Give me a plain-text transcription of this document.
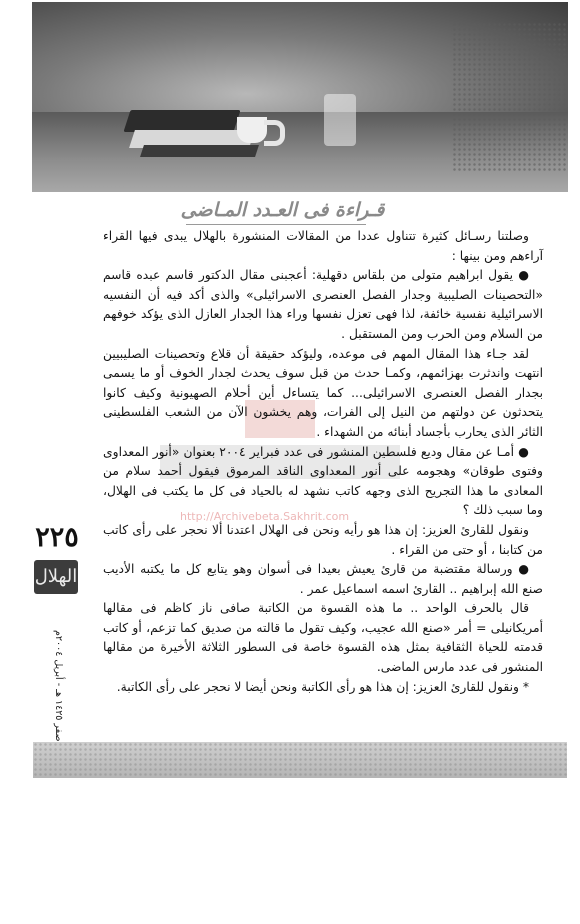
قـراءة فى العـدد المـاضى
http://Archivebeta.Sakhrit.com

وصلتنا رسـائل كثيرة تتناول عددا من المقالات المنشورة بالهلال يبدى فيها القراء آراءهم ومن بينها :

● يقول ابراهيم متولى من بلقاس دقهلية: أعجبنى مقال الدكتور قاسم عبده قاسم «التحصينات الصليبية وجدار الفصل العنصرى الاسرائيلى» والذى أكد فيه أن النفسيه الاسرائيلية نفسية خائفة، لذا فهى تعزل نفسها وراء هذا الجدار العازل الذى يؤكد خوفهم من السلام ومن الحرب ومن المستقبل .

لقد جـاء هذا المقال المهم فى موعده، وليؤكد حقيقة أن قلاع وتحصينات الصليبيين انتهت واندثرت بهزائمهم، وكمـا حدث من قبل سوف يحدث لجدار الخوف أو ما يسمى بجدار الفصل العنصرى الاسرائيلى... كما يتساءل أين أحلام الصهيونية وكيف كانوا يتحدثون عن دولتهم من النيل إلى الفرات، وهم يخشون الآن من الشعب الفلسطينى الثائر الذى يحارب بأجساد أبنائه من الشهداء .

● أمـا عن مقال وديع فلسطين المنشور فى عدد فبراير ٢٠٠٤ بعنوان «أنور المعداوى وفتوى طوقان» وهجومه على أنور المعداوى الناقد المرموق فيقول أحمد سلام من المعادى ما هذا التجريح الذى وجهه كاتب نشهد له بالحياد فى كل ما يكتب فى الهلال، وما سبب ذلك ؟

ونقول للقارئ العزيز: إن هذا هو رأيه ونحن فى الهلال اعتدنا ألا نحجر على رأى كاتب من كتابنا ، أو حتى من القراء .

● ورسالة مقتضبة من قارئ يعيش بعيدا فى أسوان وهو يتابع كل ما يكتبه الأديب صنع الله إبراهيم .. القارئ اسمه اسماعيل عمر .

قال بالحرف الواحد .. ما هذه القسوة من الكاتبة صافى ناز كاظم فى مقالها أمريكانيلى = أمر «صنع الله عجيب، وكيف تقول ما قالته من صديق كما تزعم، أو كاتب قدمته للحياة الثقافية بمثل هذه القسوة خاصة فى السطور الثلاثة الأخيرة من مقالها المنشور فى عدد مارس الماضى.

* ونقول للقارئ العزيز: إن هذا هو رأى الكاتبة ونحن أيضا لا نحجر على رأى الكاتبة.

٢٢٥
الهلال
صفر ١٤٢٥ هـ - أبريل ٢٠٠٤م
